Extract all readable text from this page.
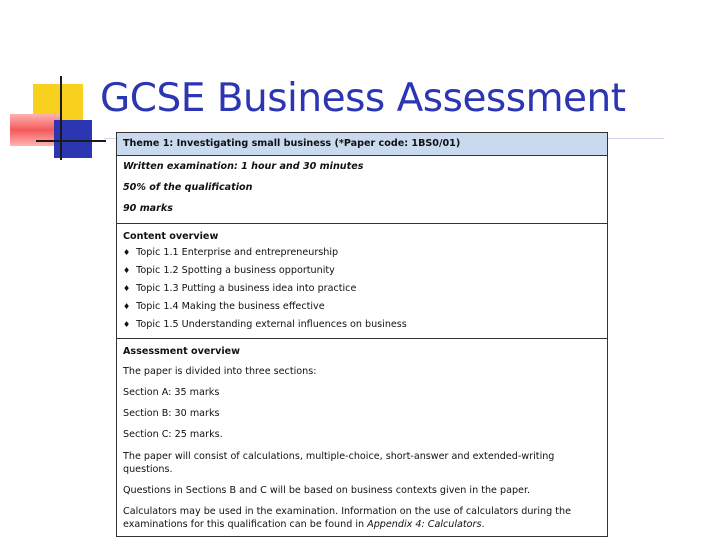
GCSE Business Assessment
Theme 1: Investigating small business (*Paper code: 1BS0/01)
Written examination: 1 hour and 30 minutes
50% of the qualification
90 marks
Content overview
♦ Topic 1.1 Enterprise and entrepreneurship
♦ Topic 1.2 Spotting a business opportunity
♦ Topic 1.3 Putting a business idea into practice
♦ Topic 1.4 Making the business effective
♦ Topic 1.5 Understanding external influences on business
Assessment overview
The paper is divided into three sections:
Section A: 35 marks
Section B: 30 marks
Section C: 25 marks.
The paper will consist of calculations, multiple-choice, short-answer and extended-writing questions.
Questions in Sections B and C will be based on business contexts given in the paper.
Calculators may be used in the examination. Information on the use of calculators during the examinations for this qualification can be found in Appendix 4: Calculators.
